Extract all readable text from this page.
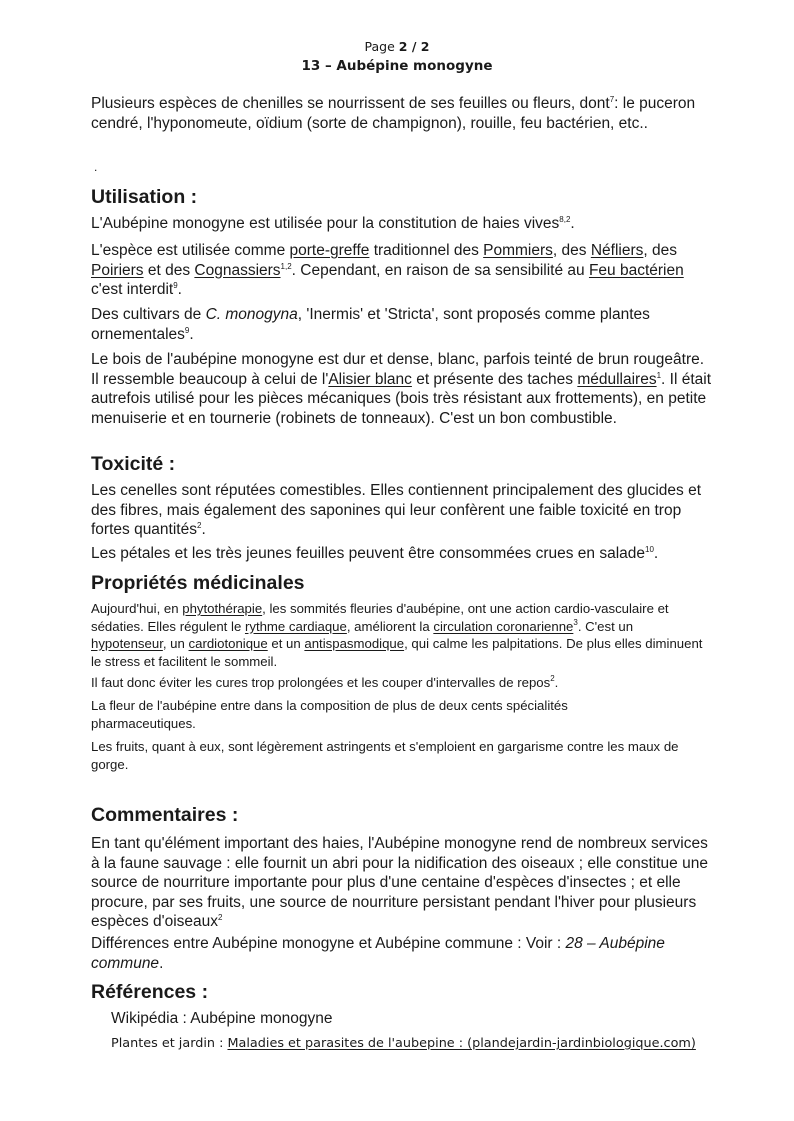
Page 2 / 2
13 – Aubépine monogyne
Plusieurs espèces de chenilles se nourrissent de ses feuilles ou fleurs, dont$^7$: le puceron cendré, l'hyponomeute, oïdium (sorte de champignon), rouille, feu bactérien, etc..
.
Utilisation :
L'Aubépine monogyne est utilisée pour la constitution de haies vives$^{8,2}$.
L'espèce est utilisée comme porte-greffe traditionnel des Pommiers, des Néfliers, des Poiriers et des Cognassiers$^{1,2}$. Cependant, en raison de sa sensibilité au Feu bactérien c'est interdit$^9$.
Des cultivars de C. monogyna, 'Inermis' et 'Stricta', sont proposés comme plantes ornementales$^9$.
Le bois de l'aubépine monogyne est dur et dense, blanc, parfois teinté de brun rougeâtre. Il ressemble beaucoup à celui de l'Alisier blanc et présente des taches médullaires$^1$. Il était autrefois utilisé pour les pièces mécaniques (bois très résistant aux frottements), en petite menuiserie et en tournerie (robinets de tonneaux). C'est un bon combustible.
Toxicité :
Les cenelles sont réputées comestibles. Elles contiennent principalement des glucides et des fibres, mais également des saponines qui leur confèrent une faible toxicité en trop fortes quantités$^2$.
Les pétales et les très jeunes feuilles peuvent être consommées crues en salade$^{10}$.
Propriétés médicinales
Aujourd'hui, en phytothérapie, les sommités fleuries d'aubépine, ont une action cardio-vasculaire et sédaties. Elles régulent le rythme cardiaque, améliorent la circulation coronarienne$^3$. C'est un hypotenseur, un cardiotonique et un antispasmodique, qui calme les palpitations. De plus elles diminuent le stress et facilitent le sommeil.
Il faut donc éviter les cures trop prolongées et les couper d'intervalles de repos$^2$.
La fleur de l'aubépine entre dans la composition de plus de deux cents spécialités pharmaceutiques.
Les fruits, quant à eux, sont légèrement astringents et s'emploient en gargarisme contre les maux de gorge.
Commentaires :
En tant qu'élément important des haies, l'Aubépine monogyne rend de nombreux services à la faune sauvage : elle fournit un abri pour la nidification des oiseaux ; elle constitue une source de nourriture importante pour plus d'une centaine d'espèces d'insectes ; et elle procure, par ses fruits, une source de nourriture persistant pendant l'hiver pour plusieurs espèces d'oiseaux$^2$
Différences entre Aubépine monogyne et Aubépine commune : Voir : 28 – Aubépine commune.
Références :
Wikipédia : Aubépine monogyne
Plantes et jardin : Maladies et parasites de l'aubepine : (plandejardin-jardinbiologique.com)
